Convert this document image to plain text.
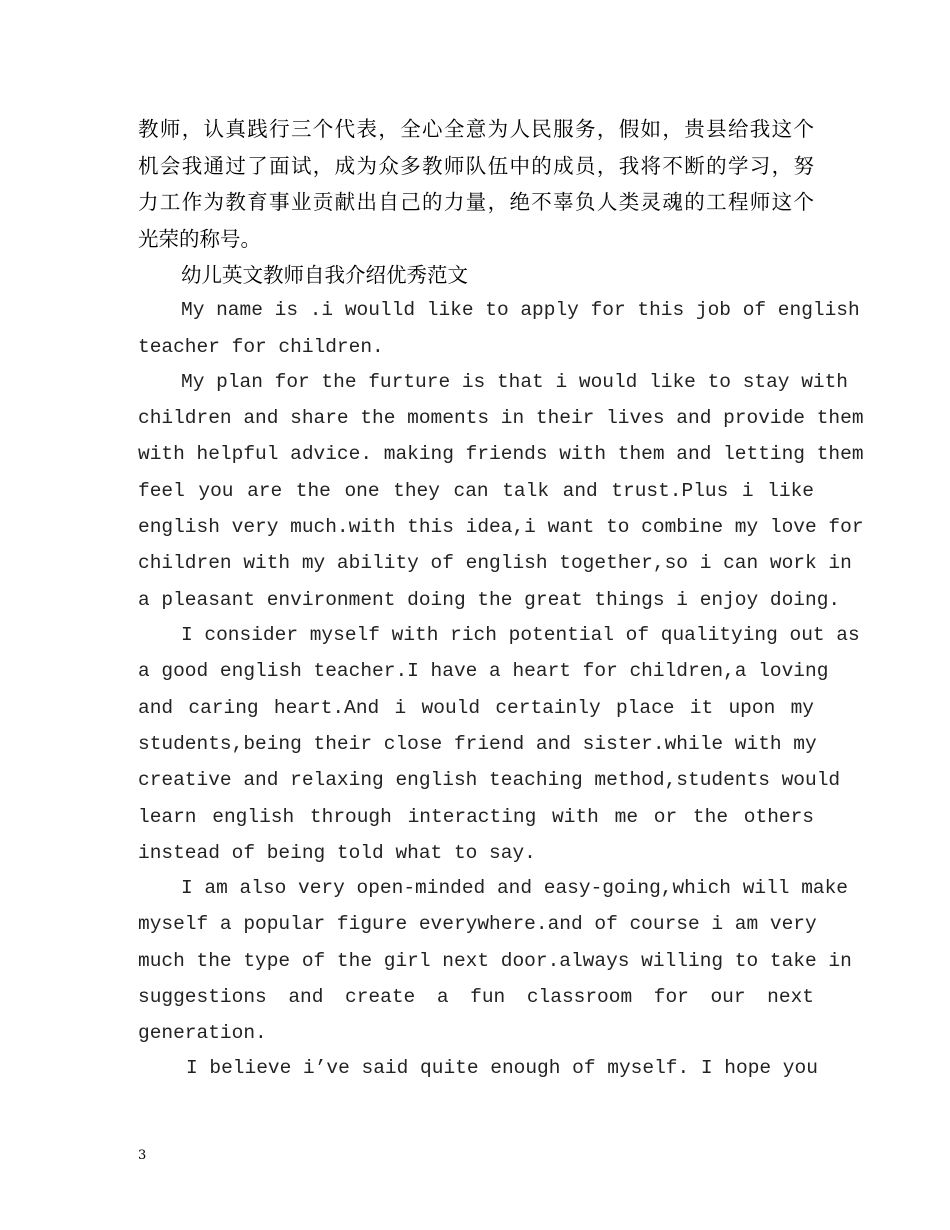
教师，认真践行三个代表，全心全意为人民服务，假如，贵县给我这个
机会我通过了面试，成为众多教师队伍中的成员，我将不断的学习，努
力工作为教育事业贡献出自己的力量，绝不辜负人类灵魂的工程师这个
光荣的称号。
幼儿英文教师自我介绍优秀范文
My name is .i woulld like to apply for this job of english
teacher for children.
My plan for the furture is that i would like to stay with
children and share the moments in their lives and provide them
with helpful advice. making friends with them and letting them
feel you are the one they can talk and trust.Plus i like
english very much.with this idea,i want to combine my love for
children with my ability of english together,so i can work in
a pleasant environment doing the great things i enjoy doing.
I consider myself with rich potential of qualitying out as
a good english teacher.I have a heart for children,a loving
and caring heart.And i would certainly place it upon my
students,being their close friend and sister.while with my
creative and relaxing english teaching method,students would
learn english through interacting with me or the others
instead of being told what to say.
I am also very open-minded and easy-going,which will make
myself a popular figure everywhere.and of course i am very
much the type of the girl next door.always willing to take in
suggestions and create a fun classroom for our next
generation.
I believe i’ve said quite enough of myself. I hope you
3
